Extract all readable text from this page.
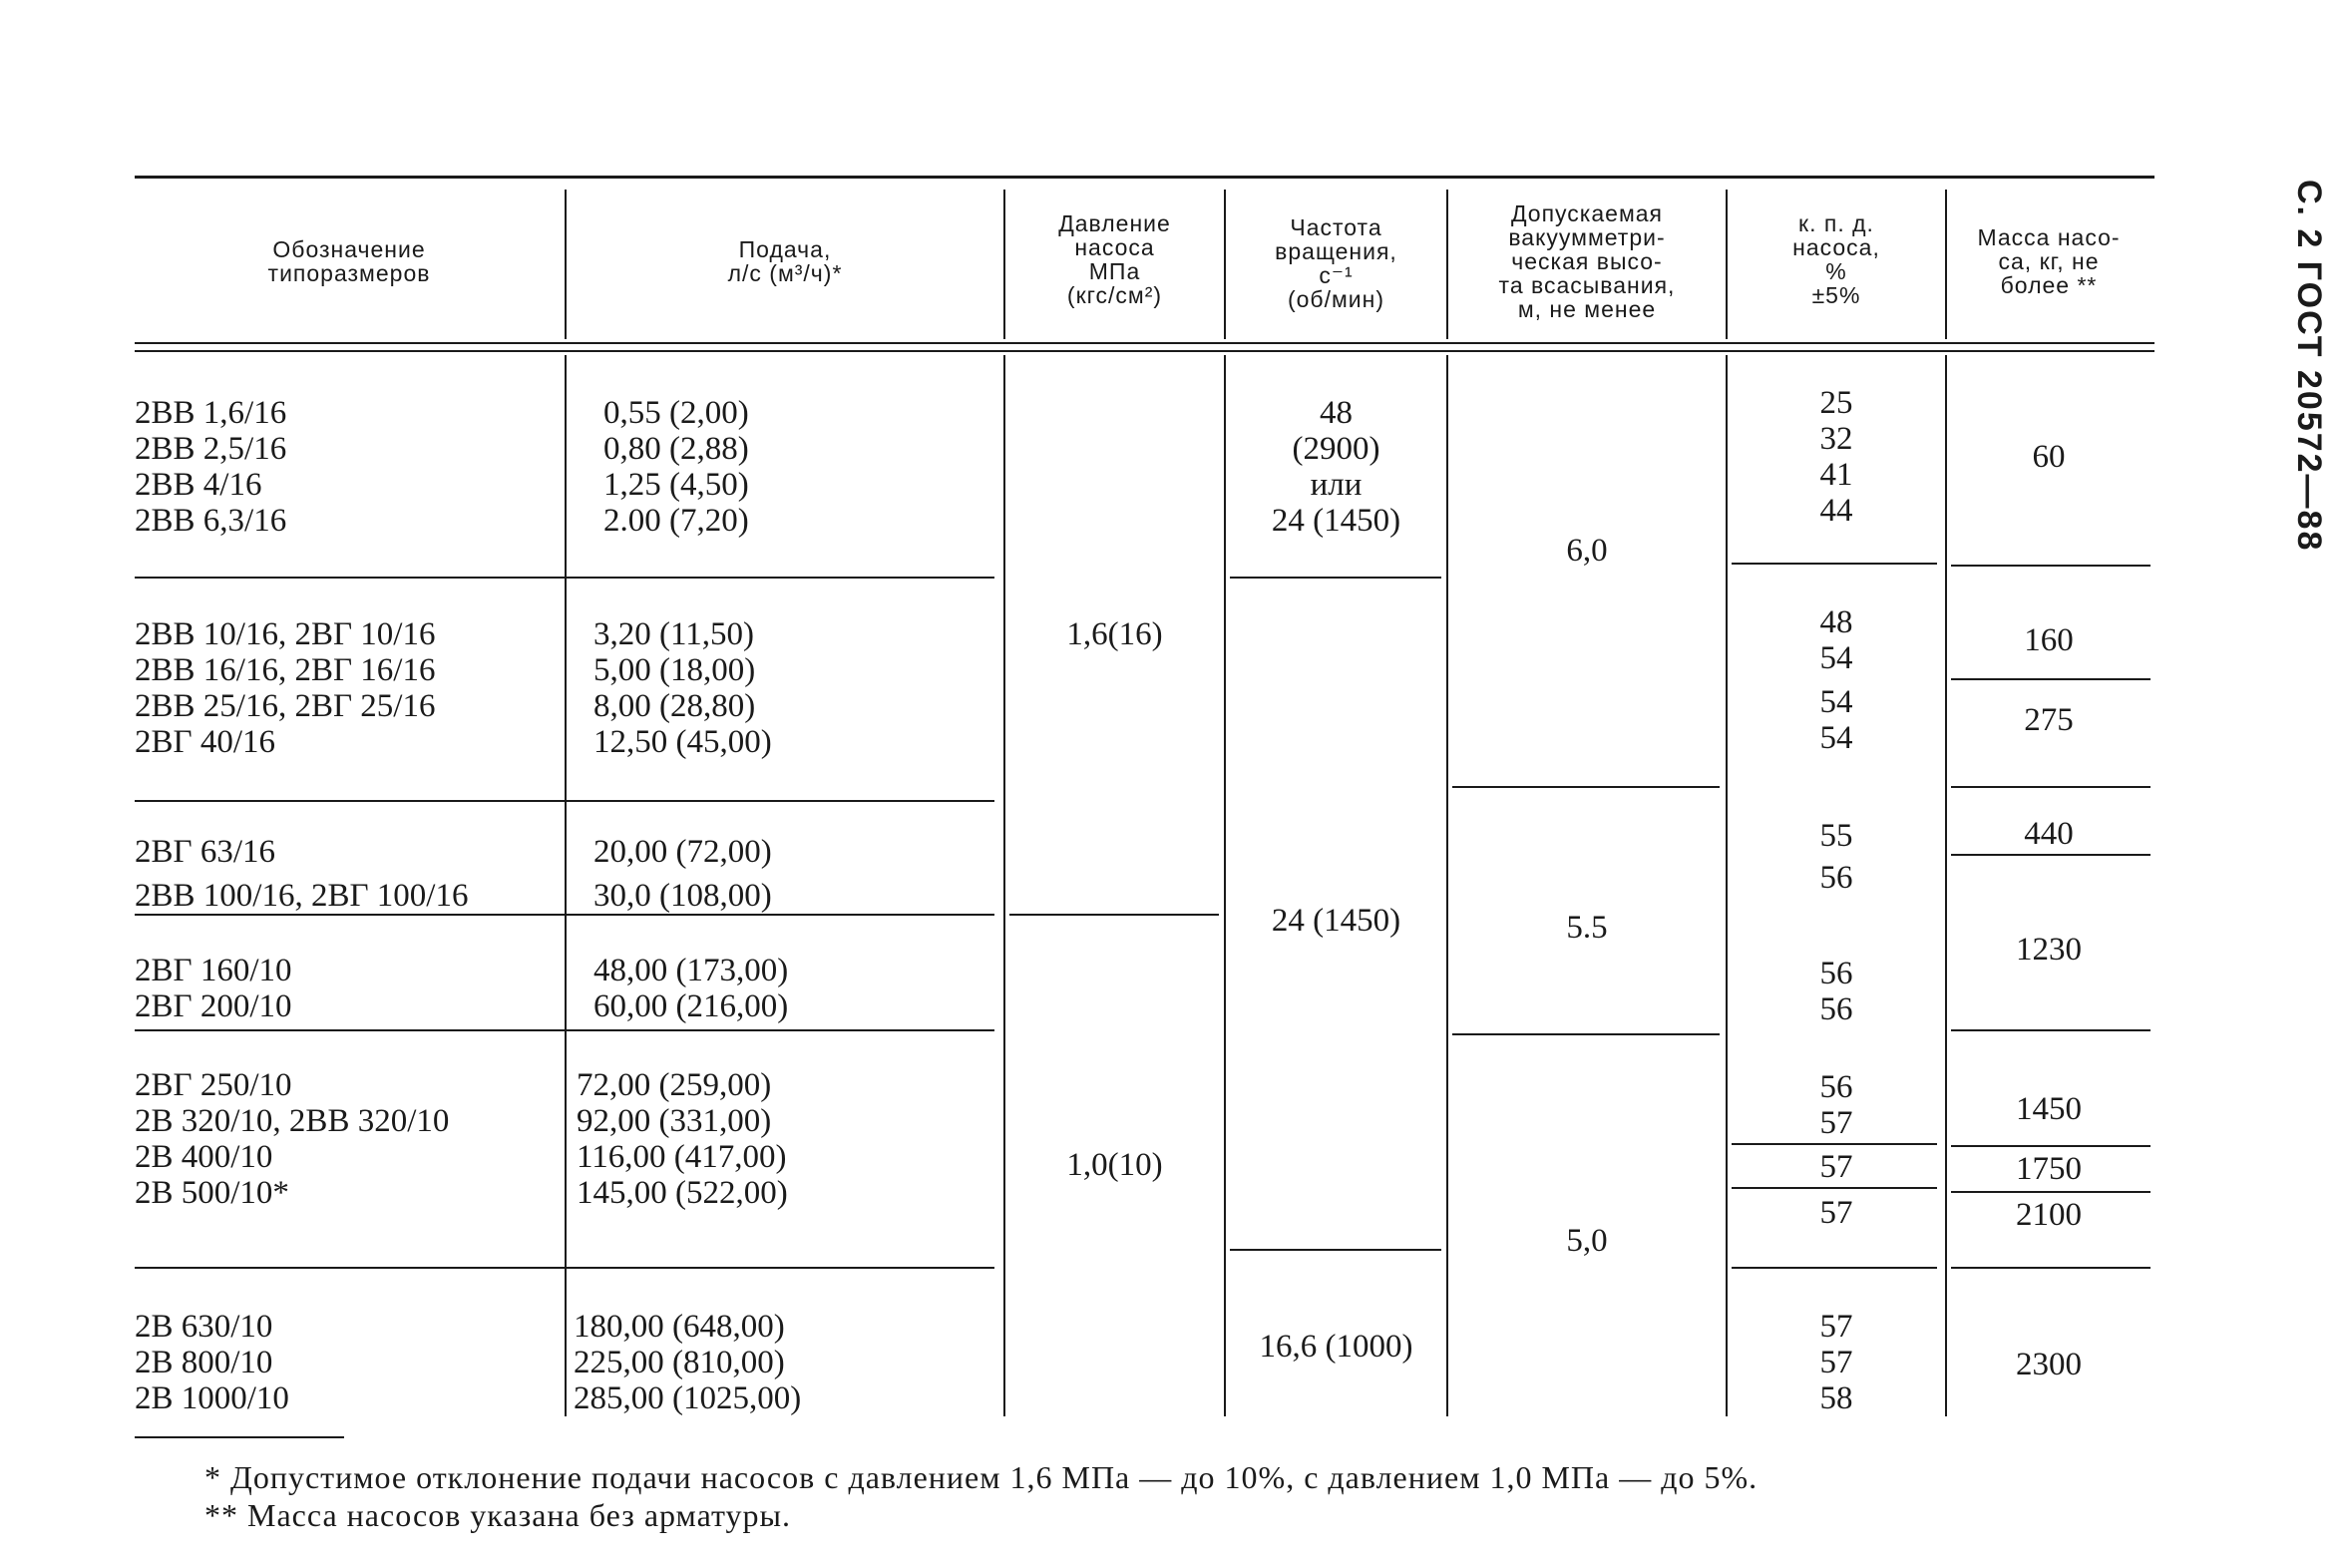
С. 2 ГОСТ 20572—88
Обозначение
типоразмеров
Подача,
л/с (м³/ч)*
Давление
насоса
МПа
(кгс/см²)
Частота
вращения,
с⁻¹
(об/мин)
Допускаемая
вакуумметри-
ческая высо-
та всасывания,
м, не менее
к. п. д.
насоса,
%
±5%
Масса насо-
са, кг, не
более **
2ВВ 1,6/16
2ВВ 2,5/16
2ВВ 4/16
2ВВ 6,3/16
2ВВ 10/16, 2ВГ 10/16
2ВВ 16/16, 2ВГ 16/16
2ВВ 25/16, 2ВГ 25/16
2ВГ 40/16
2ВГ 63/16
2ВВ 100/16, 2ВГ 100/16
2ВГ 160/10
2ВГ 200/10
2ВГ 250/10
2В 320/10, 2ВВ 320/10
2В 400/10
2В 500/10*
2В 630/10
2В 800/10
2В 1000/10
0,55 (2,00)
0,80 (2,88)
1,25 (4,50)
2.00 (7,20)
3,20 (11,50)
5,00 (18,00)
8,00 (28,80)
12,50 (45,00)
20,00 (72,00)
30,0 (108,00)
48,00 (173,00)
60,00 (216,00)
72,00 (259,00)
92,00 (331,00)
116,00 (417,00)
145,00 (522,00)
180,00 (648,00)
225,00 (810,00)
285,00 (1025,00)
1,6(16)
1,0(10)
48
(2900)
или
24 (1450)
24 (1450)
16,6 (1000)
6,0
5.5
5,0
25
32
41
44
48
54
54
54
55
56
56
56
56
57
57
57
57
57
58
60
160
275
440
1230
1450
1750
2100
2300
* Допустимое отклонение подачи насосов с давлением 1,6 МПа — до 10%, с давлением 1,0 МПа — до 5%.
** Масса насосов указана без арматуры.
